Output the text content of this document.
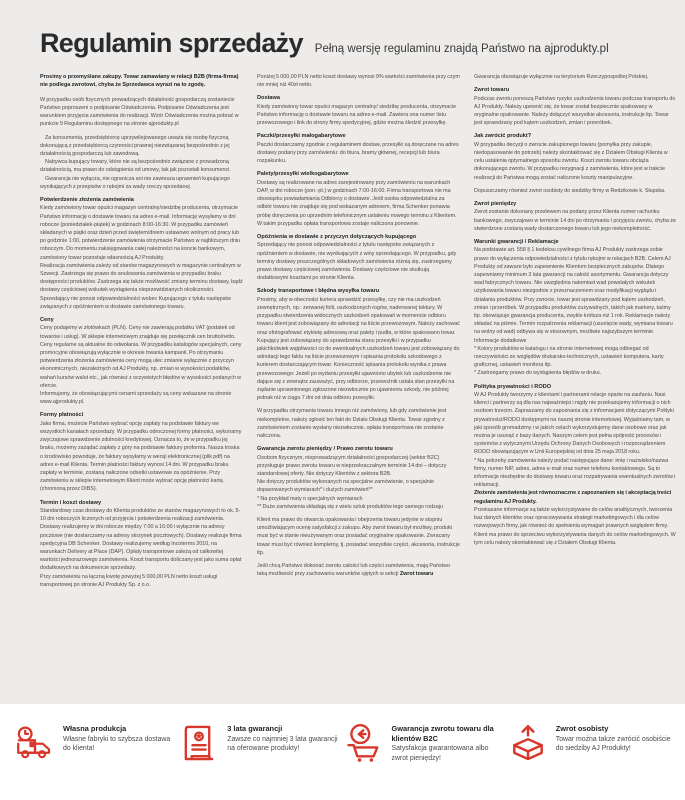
Regulamin sprzedaży Pełną wersję regulaminu znajdą Państwo na ajprodukty.pl

Prosimy o przemyślane zakupy. Towar zamawiany w relacji B2B (firma-firma) nie podlega zwrotowi, chyba że Sprzedawca wyrazi na to zgodę.

W przypadku osób fizycznych prowadzących działalność gospodarczą zostaniecie Państwo poproszeni o podpisanie Oświadczenia. Podpisanie Oświadczenia jest warunkiem przyjęcia zamówienia do realizacji. Wzór Oświadczenia można pobrać w punkcie 9 Regulaminu dostępnego na stronie ajprodukty.pl

Za konsumenta, przedsiębiorcę uprzywilejowanego uważa się osobę fizyczną dokonującą z przedsiębiorcą czynności prawnej niezwiązanej bezpośrednio z jej działalnością gospodarczą lub zawodową.

Nabywca kupujący towary, które nie są bezpośrednio związane z prowadzoną działalnością, ma prawo do odstąpienia od umowy, tak jak pozostali konsumenci.

Gwarancja nie wyłącza, nie ogranicza ani nie zawiesza uprawnień kupującego wynikających z przepisów o rękojmi za wady rzeczy sprzedanej.

Potwierdzenie złożenia zamówienia

Kiedy zamówiony towar opuści magazyn centralny/siedzibę producenta, otrzymacie Państwo informację o dostawie towaru na adres e-mail. Informację wysyłamy w dni robocze (poniedziałek-piątek) w godzinach 8:00-16:30. W przypadku zamówień składanych w piątki oraz dzień przed świętem/dniem ustawowo wolnym od pracy lub po godzinie 1:00, potwierdzenie zamówienia otrzymacie Państwo w najbliższym dniu roboczym. Do momentu zaksięgowania całej należności na koncie bankowym, zamówiony towar pozostaje własnością AJ Produkty.

Realizacja zamówienia zależy od stanów magazynowych w magazynie centralnym w Szwecji. Zastrzega się prawo do anulowania zamówienia w przypadku braku dostępności produktów. Zastrzega się także możliwość zmiany terminu dostawy, bądź dostawy częściowej wskutek wystąpienia nieprzewidzianych okoliczności. Sprzedający nie ponosi odpowiedzialności wobec Kupującego z tytułu następstw związanych z opóźnieniem w dostawie zamówionego towaru.

Ceny

Ceny podajemy w złotówkach (PLN). Ceny nie zawierają podatku VAT (podatek od towarów i usług). W sklepie internetowym znajduje się przełącznik cen brutto/netto. Ceny regularne są aktualne do odwołania. W przypadku katalogów specjalnych, ceny promocyjne obowiązują wyłącznie w okresie trwania kampanii. Po otrzymaniu potwierdzenia złożenia zamówienia ceny mogą ulec zmianie wyłącznie z przyczyn ekonomicznych, niezależnych od AJ Produkty, np. zmian w wysokości podatków, wahań kursów walut etc., jak również z oczywistych błędów w wysokości podanych w ofercie.

Informujemy, że obowiązującymi cenami sprzedaży są ceny wskazane na stronie www.ajprodukty.pl.

Formy płatności

Jako firma, możecie Państwo wybrać opcję zapłaty na podstawie faktury we wszystkich kanałach sprzedaży. W przypadku odroczonej formy płatności, wykonamy zwyczajowe sprawdzenie zdolności kredytowej. Oznacza to, że w przypadku jej braku, możemy zażądać zapłaty z góry na podstawie faktury proforma. Nasza troska o środowisko powoduje, że faktury wysyłamy w wersji elektronicznej (plik pdf) na adres e-mail Klienta. Termin płatności faktury wynosi 14 dni. W przypadku braku zapłaty w terminie, zostaną naliczone odsetki ustawowe za opóźnienie. Przy zamówieniu w sklepie internetowym Klient może wybrać opcję płatności kartą (chronioną przez DIBS).

Termin i koszt dostawy

Standardowy czas dostawy do Klienta produktów ze stanów magazynowych to ok. 5-10 dni roboczych liczonych od przyjęcia i potwierdzenia realizacji zamówienia. Dostawy realizujemy w dni robocze między 7:00 a 16:00 i wyłącznie na adresy pocztowe (nie dostarczamy na adresy skrzynek pocztowych). Dostawy realizuje firma spedycyjna DB Schenker. Dostawy realizujemy według Incoterms 2010, na warunkach Delivery at Place (DAP). Opłaty transportowe zależą od całkowitej wartości jednorazowego zamówienia. Koszt transportu doliczany jest jako suma opłat dodatkowych na dokumencie sprzedaży.

Przy zamówieniu na łączną kwotę powyżej 5 000,00 PLN netto koszt usługi transportowej po stronie AJ Produkty Sp. z o.o.

Poniżej 5 000,00 PLN netto koszt dostawy wynosi 9% wartości zamówienia przy czym nie mniej niż 40zł netto.

Dostawa

Kiedy zamówiony towar opuści magazyn centralny/ siedzibę producenta, otrzymacie Państwo informację o dostawie towaru na adres e-mail. Zawiera ona numer listu przewozowego i link do strony firmy spedycyjnej, gdzie można śledzić przesyłkę.

Paczki/przesyłki małogabarytowe

Paczki dostarczamy zgodnie z regulaminem dostaw, przesyłki są doręczane na adres dostawy podany przy zamówieniu: do biura, bramy głównej, recepcji lub biura rozpakunku.

Palety/przesyłki wielkogabarytowe

Dostawy są realizowane na adres zarejestrowany przy zamówieniu na warunkach DAP, w dni robocze (pon.-pt.) w godzinach 7:00-16:00. Firma transportowa nie ma obowiązku powiadamiania Odbiorcy o dostawie. Jeśli osoba odpowiedzialna za odbiór towaru nie znajduje się pod wskazanym adresem, firma Schenker ponawia próbę doręczenia po uprzednim telefonicznym ustaleniu nowego terminu z Klientem. W takim przypadku opłata transportowa zostaje naliczona ponownie.

Opóźnienia w dostawie z przyczyn dotyczących kupującego

Sprzedający nie ponosi odpowiedzialności z tytułu następstw związanych z opóźnieniem w dostawie, nie wynikających z winy sprzedającego. W przypadku, gdy terminy dostawy poszczególnych składowych zamówienia różnią się, zastrzegamy prawo dostawy częściowej zamówienia. Dostawy częściowe nie skutkują dodatkowymi kosztami po stronie Klienta.

Szkody transportowe i błędna wysyłka towaru

Prosimy, aby w obecności kuriera sprawdzić przesyłkę, czy nie ma uszkodzeń zewnętrznych, np.: zerwanej folii, uszkodzonych rogów, naderwanej tektury. W przypadku stwierdzenia widocznych uszkodzeń opakowań w momencie odbioru towaru klient jest zobowiązany do adnotacji na liście przewozowym. Należy zachować oraz sfotografować etykietę adresową oraz palety i pudła, w które spakowano towar. Kupujący jest zobowiązany do sprawdzenia stanu przesyłki i w przypadku jakichkolwiek wątpliwości co do ewentualnych uszkodzeń towaru jest zobowiązany do adnotacji tego faktu na liście przewozowym i spisania protokołu szkodowego z kurierem dostarczającym towar. Konieczność spisania protokołu wynika z prawa przewozowego: Jeżeli po wydaniu przesyłki ujawniono ubytek lub uszkodzenie nie dające się z zewnątrz zauważyć, przy odbiorze, przewoźnik ustala stan przesyłki na żądanie uprawnionego zgłoszone niezwłocznie po ujawnieniu szkody, nie później jednak niż w ciągu 7 dni od dnia odbioru przesyłki.

W przypadku otrzymania towaru innego niż zamówiony, lub gdy zamówienie jest niekompletne, należy zgłosić ten fakt do Działu Obsługi Klienta. Towar zgodny z zamówieniem zostanie wysłany niezwłocznie, opłata transportowa nie zostanie naliczona.

Gwarancja zwrotu pieniędzy / Prawo zwrotu towaru

Osobom fizycznym, nieprowadzącym działalności gospodarczej (sektor B2C) przysługuje prawo zwrotu towaru w nieprzekraczalnym terminie 14 dni – dotyczy standardowej oferty. Nie dotyczy Klientów z sektora B2B.

Nie dotyczy produktów wykonanych na specjalne zamówienie, o specjalnie dopasowanych wymiarach* i dużych zamówień**

* Na przykład maty o specjalnych wymiarach

** Duże zamówienia składają się z wielu sztuk produktów tego samego rodzaju

Klient ma prawo do otwarcia opakowania i obejrzenia towaru jedynie w stopniu umożliwiającym ocenę satysfakcji z zakupu. Aby zwrot towaru był możliwy, produkt musi być w stanie nieużywanym oraz posiadać oryginalne opakowanie. Zwracany towar musi być również kompletny, tj. posiadać wszystkie części, akcesoria, instrukcje itp.

Jeśli chcą Państwo dokonać zwrotu całości lub części zamówienia, mają Państwo taką możliwość przy zachowaniu warunków ujętych w sekcji Zwrot towaru

Gwarancja obowiązuje wyłącznie na terytorium Rzeczypospolitej Polskiej.

Zwrot towaru

Podczas zwrotu ponoszą Państwo ryzyko uszkodzenia towaru podczas transportu do AJ Produkty. Należy upewnić się, że towar został bezpiecznie spakowany w oryginalne opakowanie. Należy dołączyć wszystkie akcesoria, instrukcje itp. Towar jest sprawdzany pod kątem uszkodzeń, zmian i przeróbek.

Jak zwrócić produkt?

W przypadku decyzji o zwrocie zakupionego towaru (pomyłka przy zakupie, niedopasowanie do potrzeb) należy skontaktować się z Działem Obsługi Klienta w celu ustalenia optymalnego sposobu zwrotu. Koszt zwrotu towaru obciąża dokonującego zwrotu. W przypadku rezygnacji z zamówienia, które jest w trakcie realizacji do Państwa mogą zostać naliczone koszty manipulacyjne.

Dopuszczamy również zwrot osobisty do siedziby firmy w Redzikowie k. Słupska.

Zwrot pieniędzy

Zwrot zostanie dokonany przelewem na podany przez Klienta numer rachunku bankowego, zwyczajowo w terminie 14 dni po otrzymaniu i przyjęciu zwrotu, chyba że stwierdzone zostaną wady dostarczonego towaru lub jego niekompletność.

Warunki gwarancji / Reklamacje

Na podstawie art. 558 § 1 kodeksu cywilnego firma AJ Produkty zastrzega sobie prawo do wyłączenia odpowiedzialności z tytułu rękojmi w relacjach B2B. Celem AJ Produkty od zawsze było zapewnienie Klientom bezpiecznych zakupów. Dlatego zapewniamy minimum 3 lata gwarancji na całość asortymentu. Gwarancja dotyczy wad fabrycznych towaru. Nie uwzględnia natomiast wad powstałych wskutek użytkowania towaru niezgodnie z przeznaczeniem oraz modyfikacji wyglądu i działania produktów. Przy zwrocie, towar jest sprawdzany pod kątem uszkodzeń, zmian i przeróbek. W przypadku produktów zużywalnych, takich jak markery, taśmy itp. obowiązuje gwarancja producenta, zwykle krótsza niż 1 rok. Reklamacje należy składać na piśmie. Termin rozpatrzenia reklamacji (usunięcie wady, wymiana towaru na wolny od wad) odbywa się w stosownym, możliwie najszybszym terminie.

Informacje dodatkowe

* Kolory produktów w katalogu i na stronie internetowej mogą odbiegać od rzeczywistości ze względów drukarsko-technicznych, ustawień komputera, karty graficznej, ustawień monitora itp.

* Zastrzegamy prawo do wystąpienia błędów w druku.

Polityka prywatności i RODO

W AJ Produkty tworzymy z klientami i partnerami relacje oparte na zaufaniu. Nasi klienci i partnerzy są dla nas najważniejsi i nigdy nie przekazujemy informacji o nich osobom trzecim. Zapraszamy do zapoznania się z informacjami dotyczącymi Polityki prywatności/RODO dostępnymi na naszej stronie internetowej. Wyjaśniamy tam, w jaki sposób gromadzimy i w jakich celach wykorzystujemy dane osobowe oraz jak można je usunąć z bazy danych. Naszym celem jest pełna spójność procesów i systemów z wytycznymi Urzędu Ochrony Danych Osobowych i rozporządzeniem RODO obowiązującym w Unii Europejskiej od dnia 25 maja 2018 roku.

* Na potrzeby zamówienia należy podać następujące dane: imię i nazwisko/nazwa firmy, numer NIP, adres, adres e-mail oraz numer telefonu kontaktowego. Są to informacje niezbędne do dostawy towaru oraz rozpatrywania ewentualnych zwrotów i reklamacji.

Złożenie zamówienia jest równoznaczne z zapoznaniem się i akceptacją treści regulaminu AJ Produkty.

Przekazane informacje są także wykorzystywane do celów analitycznych, tworzenia baz danych klientów oraz opracowywania strategii marketingowych i dla celów rozwojowych firmy, jak również do spełnienia wymagań prawnych względem firmy. Klient ma prawo do sprzeciwu wykorzystywania danych do celów marketingowych. W tym celu należy skontaktować się z Działem Obsługi Klienta.

Własna produkcja
Własne fabryki to szybsza dostawa do klienta!
3 lata gwarancji
Zawsze co najmniej 3 lata gwarancji na oferowane produkty!
Gwarancja zwrotu towaru dla klientów B2C
Satysfakcja gwarantowana albo zwrot pieniędzy!
Zwrot osobisty
Towar można także zwrócić osobiście do siedziby AJ Produkty!
